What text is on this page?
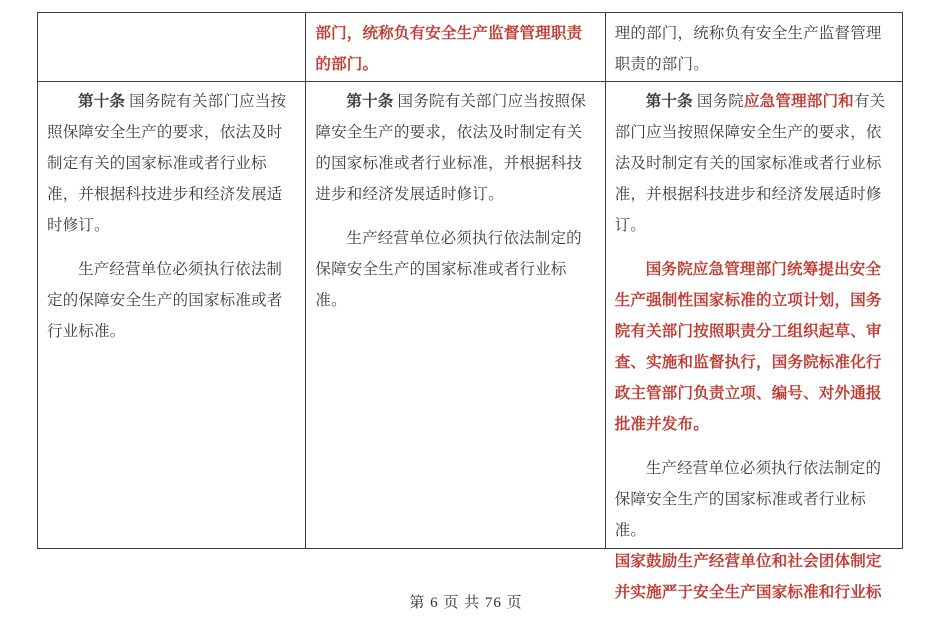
部门，统称负有安全生产监督管理职责的部门。

理的部门，统称负有安全生产监督管理职责的部门。

第十条 国务院有关部门应当按照保障安全生产的要求，依法及时制定有关的国家标准或者行业标准，并根据科技进步和经济发展适时修订。

生产经营单位必须执行依法制定的保障安全生产的国家标准或者行业标准。

第十条 国务院有关部门应当按照保障安全生产的要求，依法及时制定有关的国家标准或者行业标准，并根据科技进步和经济发展适时修订。

生产经营单位必须执行依法制定的保障安全生产的国家标准或者行业标准。

第十条 国务院应急管理部门和有关部门应当按照保障安全生产的要求，依法及时制定有关的国家标准或者行业标准，并根据科技进步和经济发展适时修订。

国务院应急管理部门统筹提出安全生产强制性国家标准的立项计划，国务院有关部门按照职责分工组织起草、审查、实施和监督执行，国务院标准化行政主管部门负责立项、编号、对外通报批准并发布。

生产经营单位必须执行依法制定的保障安全生产的国家标准或者行业标准。

国家鼓励生产经营单位和社会团体制定并实施严于安全生产国家标准和行业标

第 6 页 共 76 页
